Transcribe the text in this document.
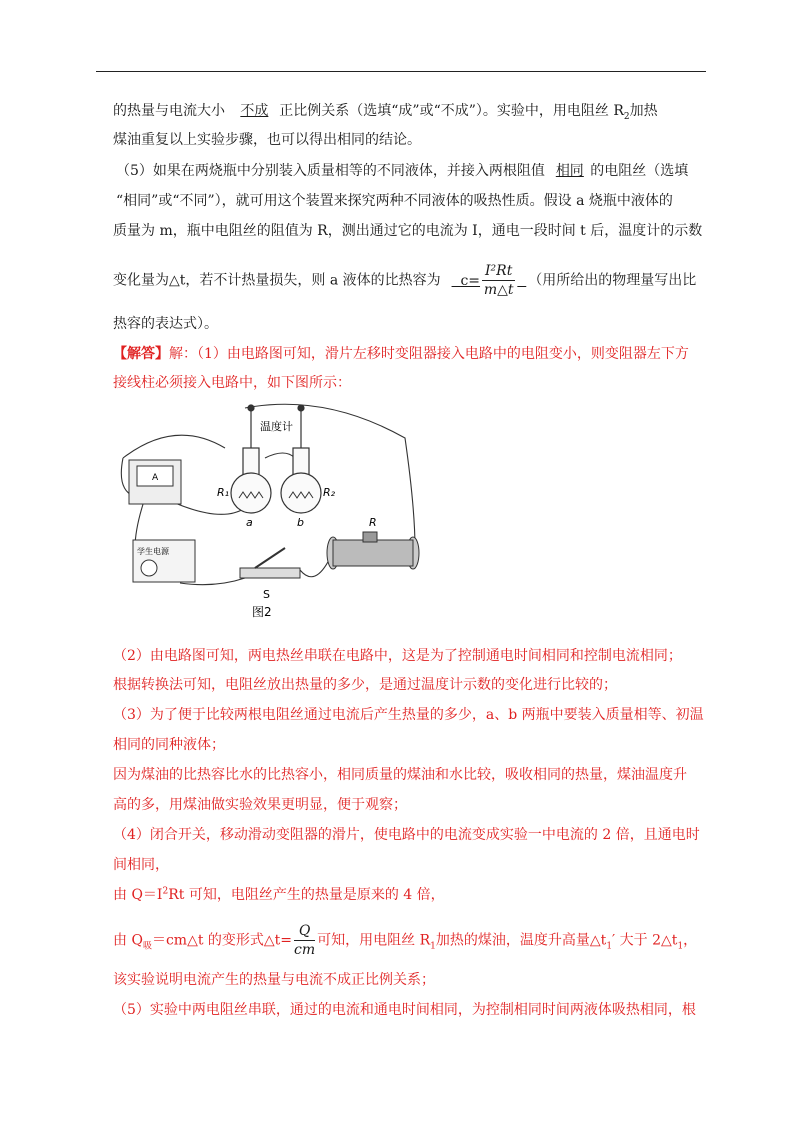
的热量与电流大小 不成 正比例关系（选填“成”或“不成”）。实验中，用电阻丝 $R_2$加热
煤油重复以上实验步骤，也可以得出相同的结论。
（5）如果在两烧瓶中分别装入质量相等的不同液体，并接入两根阻值 相同 的电阻丝（选填
“相同”或“不同”），就可用这个装置来探究两种不同液体的吸热性质。假设 a 烧瓶中液体的
质量为 m，瓶中电阻丝的阻值为 R，测出通过它的电流为 I，通电一段时间 t 后，温度计的示数
变化量为△t，若不计热量损失，则 a 液体的比热容为 $c= \frac{\text{I²Rt}}{m\triangle t}$ （用所给出的物理量写出比
热容的表达式）。
【解答】解：（1）由电路图可知，滑片左移时变阻器接入电路中的电阻变小，则变阻器左下方
接线柱必须接入电路中，如下图所示：
温度计
R₁	R₂
a	b
A
学生电源
S
R
图2
（2）由电路图可知，两电热丝串联在电路中，这是为了控制通电时间相同和控制电流相同；
根据转换法可知，电阻丝放出热量的多少，是通过温度计示数的变化进行比较的；
（3）为了便于比较两根电阻丝通过电流后产生热量的多少，a、b 两瓶中要装入质量相等、初温
相同的同种液体；
因为煤油的比热容比水的比热容小，相同质量的煤油和水比较，吸收相同的热量，煤油温度升
高的多，用煤油做实验效果更明显，便于观察；
（4）闭合开关，移动滑动变阻器的滑片，使电路中的电流变成实验一中电流的 2 倍，且通电时
间相同，
由 $Q=I^2Rt$ 可知，电阻丝产生的热量是原来的 4 倍，
由 $Q_吸=cm\triangle t$ 的变形式△t= $\frac{Q}{cm}$ 可知，用电阻丝 $R_1$加热的煤油，温度升高量$\triangle t_1'$ 大于 $2\triangle t_1$，
该实验说明电流产生的热量与电流不成正比例关系；
（5）实验中两电阻丝串联，通过的电流和通电时间相同，为控制相同时间两液体吸热相同，根
